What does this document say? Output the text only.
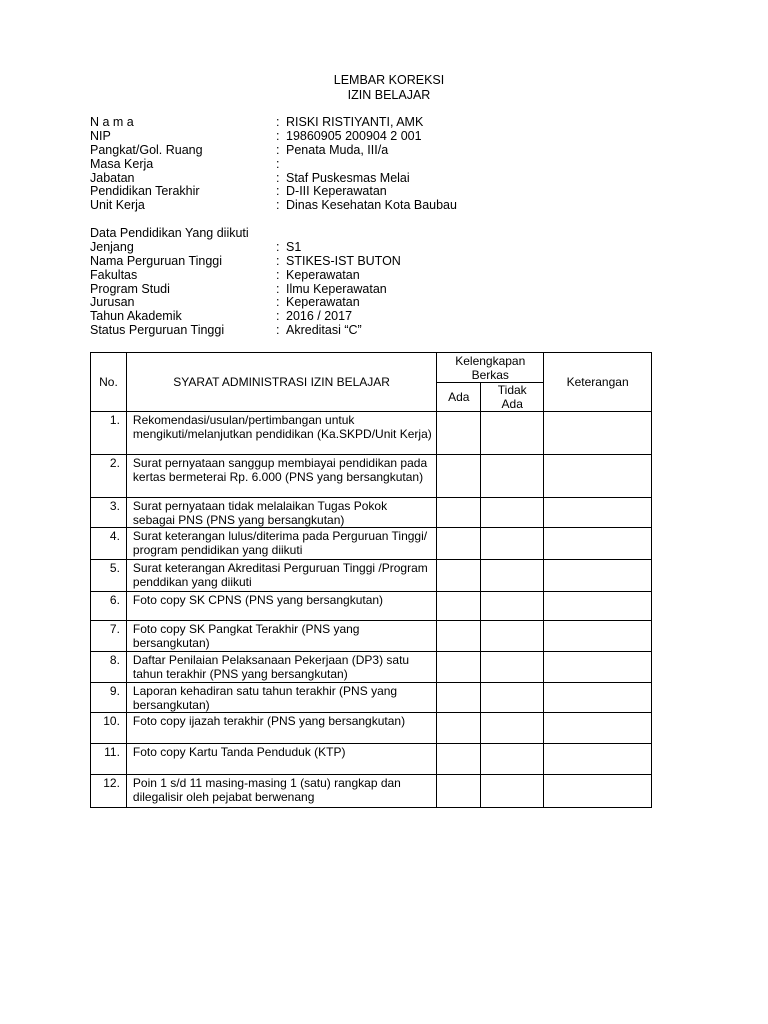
LEMBAR KOREKSI
IZIN BELAJAR
N a m a	: RISKI RISTIYANTI, AMK
NIP	: 19860905 200904 2 001
Pangkat/Gol. Ruang	: Penata Muda, III/a
Masa Kerja	:
Jabatan	: Staf Puskesmas Melai
Pendidikan Terakhir	: D-III Keperawatan
Unit Kerja	: Dinas Kesehatan Kota Baubau
Data Pendidikan Yang diikuti
Jenjang	: S1
Nama Perguruan Tinggi	: STIKES-IST BUTON
Fakultas	: Keperawatan
Program Studi	: Ilmu Keperawatan
Jurusan	: Keperawatan
Tahun Akademik	: 2016 / 2017
Status Perguruan Tinggi	: Akreditasi “C”
No.	SYARAT ADMINISTRASI IZIN BELAJAR	Kelengkapan Berkas		Keterangan
		Ada	Tidak Ada	
1.	Rekomendasi/usulan/pertimbangan untuk mengikuti/melanjutkan pendidikan (Ka.SKPD/Unit Kerja)			
2.	Surat pernyataan sanggup membiayai pendidikan pada kertas bermeterai Rp. 6.000 (PNS yang bersangkutan)			
3.	Surat pernyataan tidak melalaikan Tugas Pokok sebagai PNS (PNS yang bersangkutan)			
4.	Surat keterangan lulus/diterima pada Perguruan Tinggi/ program pendidikan yang diikuti			
5.	Surat keterangan Akreditasi Perguruan Tinggi /Program penddikan yang diikuti			
6.	Foto copy SK CPNS (PNS yang bersangkutan)			
7.	Foto copy SK Pangkat Terakhir (PNS yang bersangkutan)			
8.	Daftar Penilaian Pelaksanaan Pekerjaan (DP3) satu tahun terakhir (PNS yang bersangkutan)			
9.	Laporan kehadiran satu tahun terakhir (PNS yang bersangkutan)			
10.	Foto copy ijazah terakhir (PNS yang bersangkutan)			
11.	Foto copy Kartu Tanda Penduduk (KTP)			
12.	Poin 1 s/d 11 masing-masing 1 (satu) rangkap dan dilegalisir oleh pejabat berwenang			
